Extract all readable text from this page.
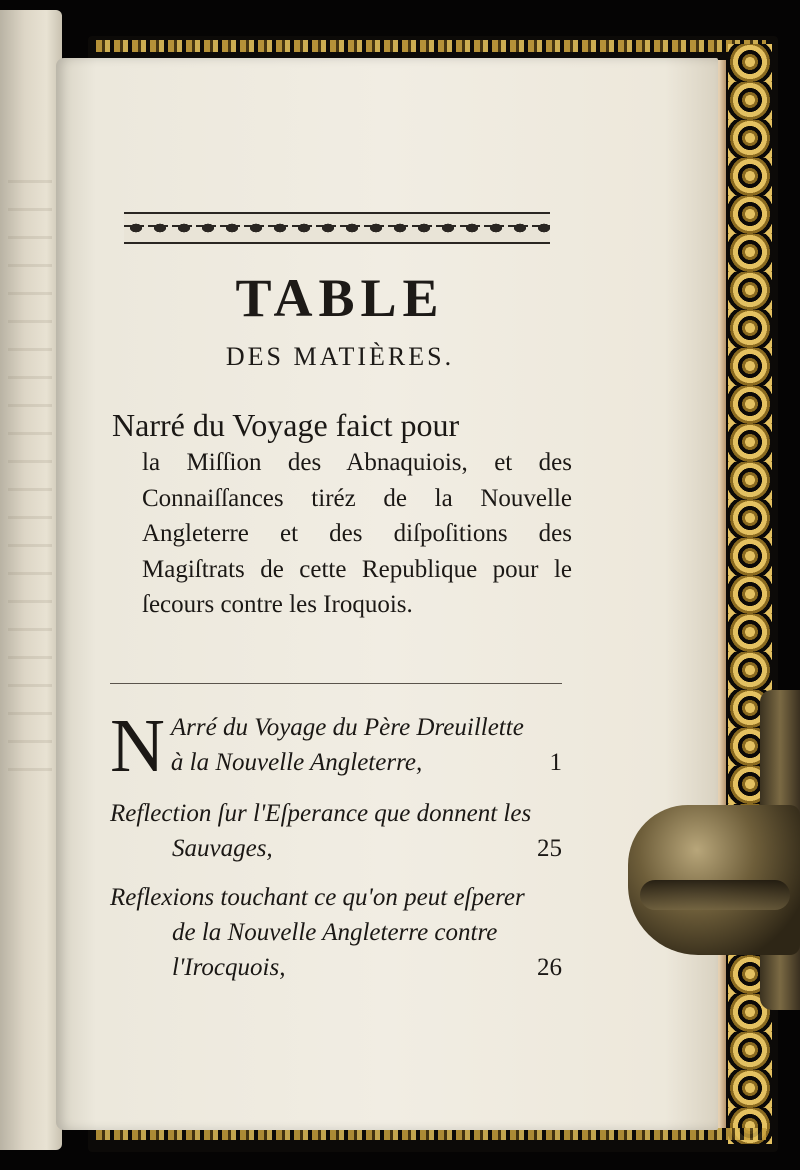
TABLE
DES MATIÈRES.
Narré du Voyage faict pour
la Miſſion des Abnaquiois, et des Connaiſſances tiréz de la Nouvelle Angleterre et des diſpoſitions des Magiſtrats de cette Republique pour le ſecours contre les Iroquois.
N Arré du Voyage du Père Dreuillette
à la Nouvelle Angleterre,	1
Reflection ſur l'Eſperance que donnent les
Sauvages,	25
Reflexions touchant ce qu'on peut eſperer
de la Nouvelle Angleterre contre
l'Irocquois,	26
